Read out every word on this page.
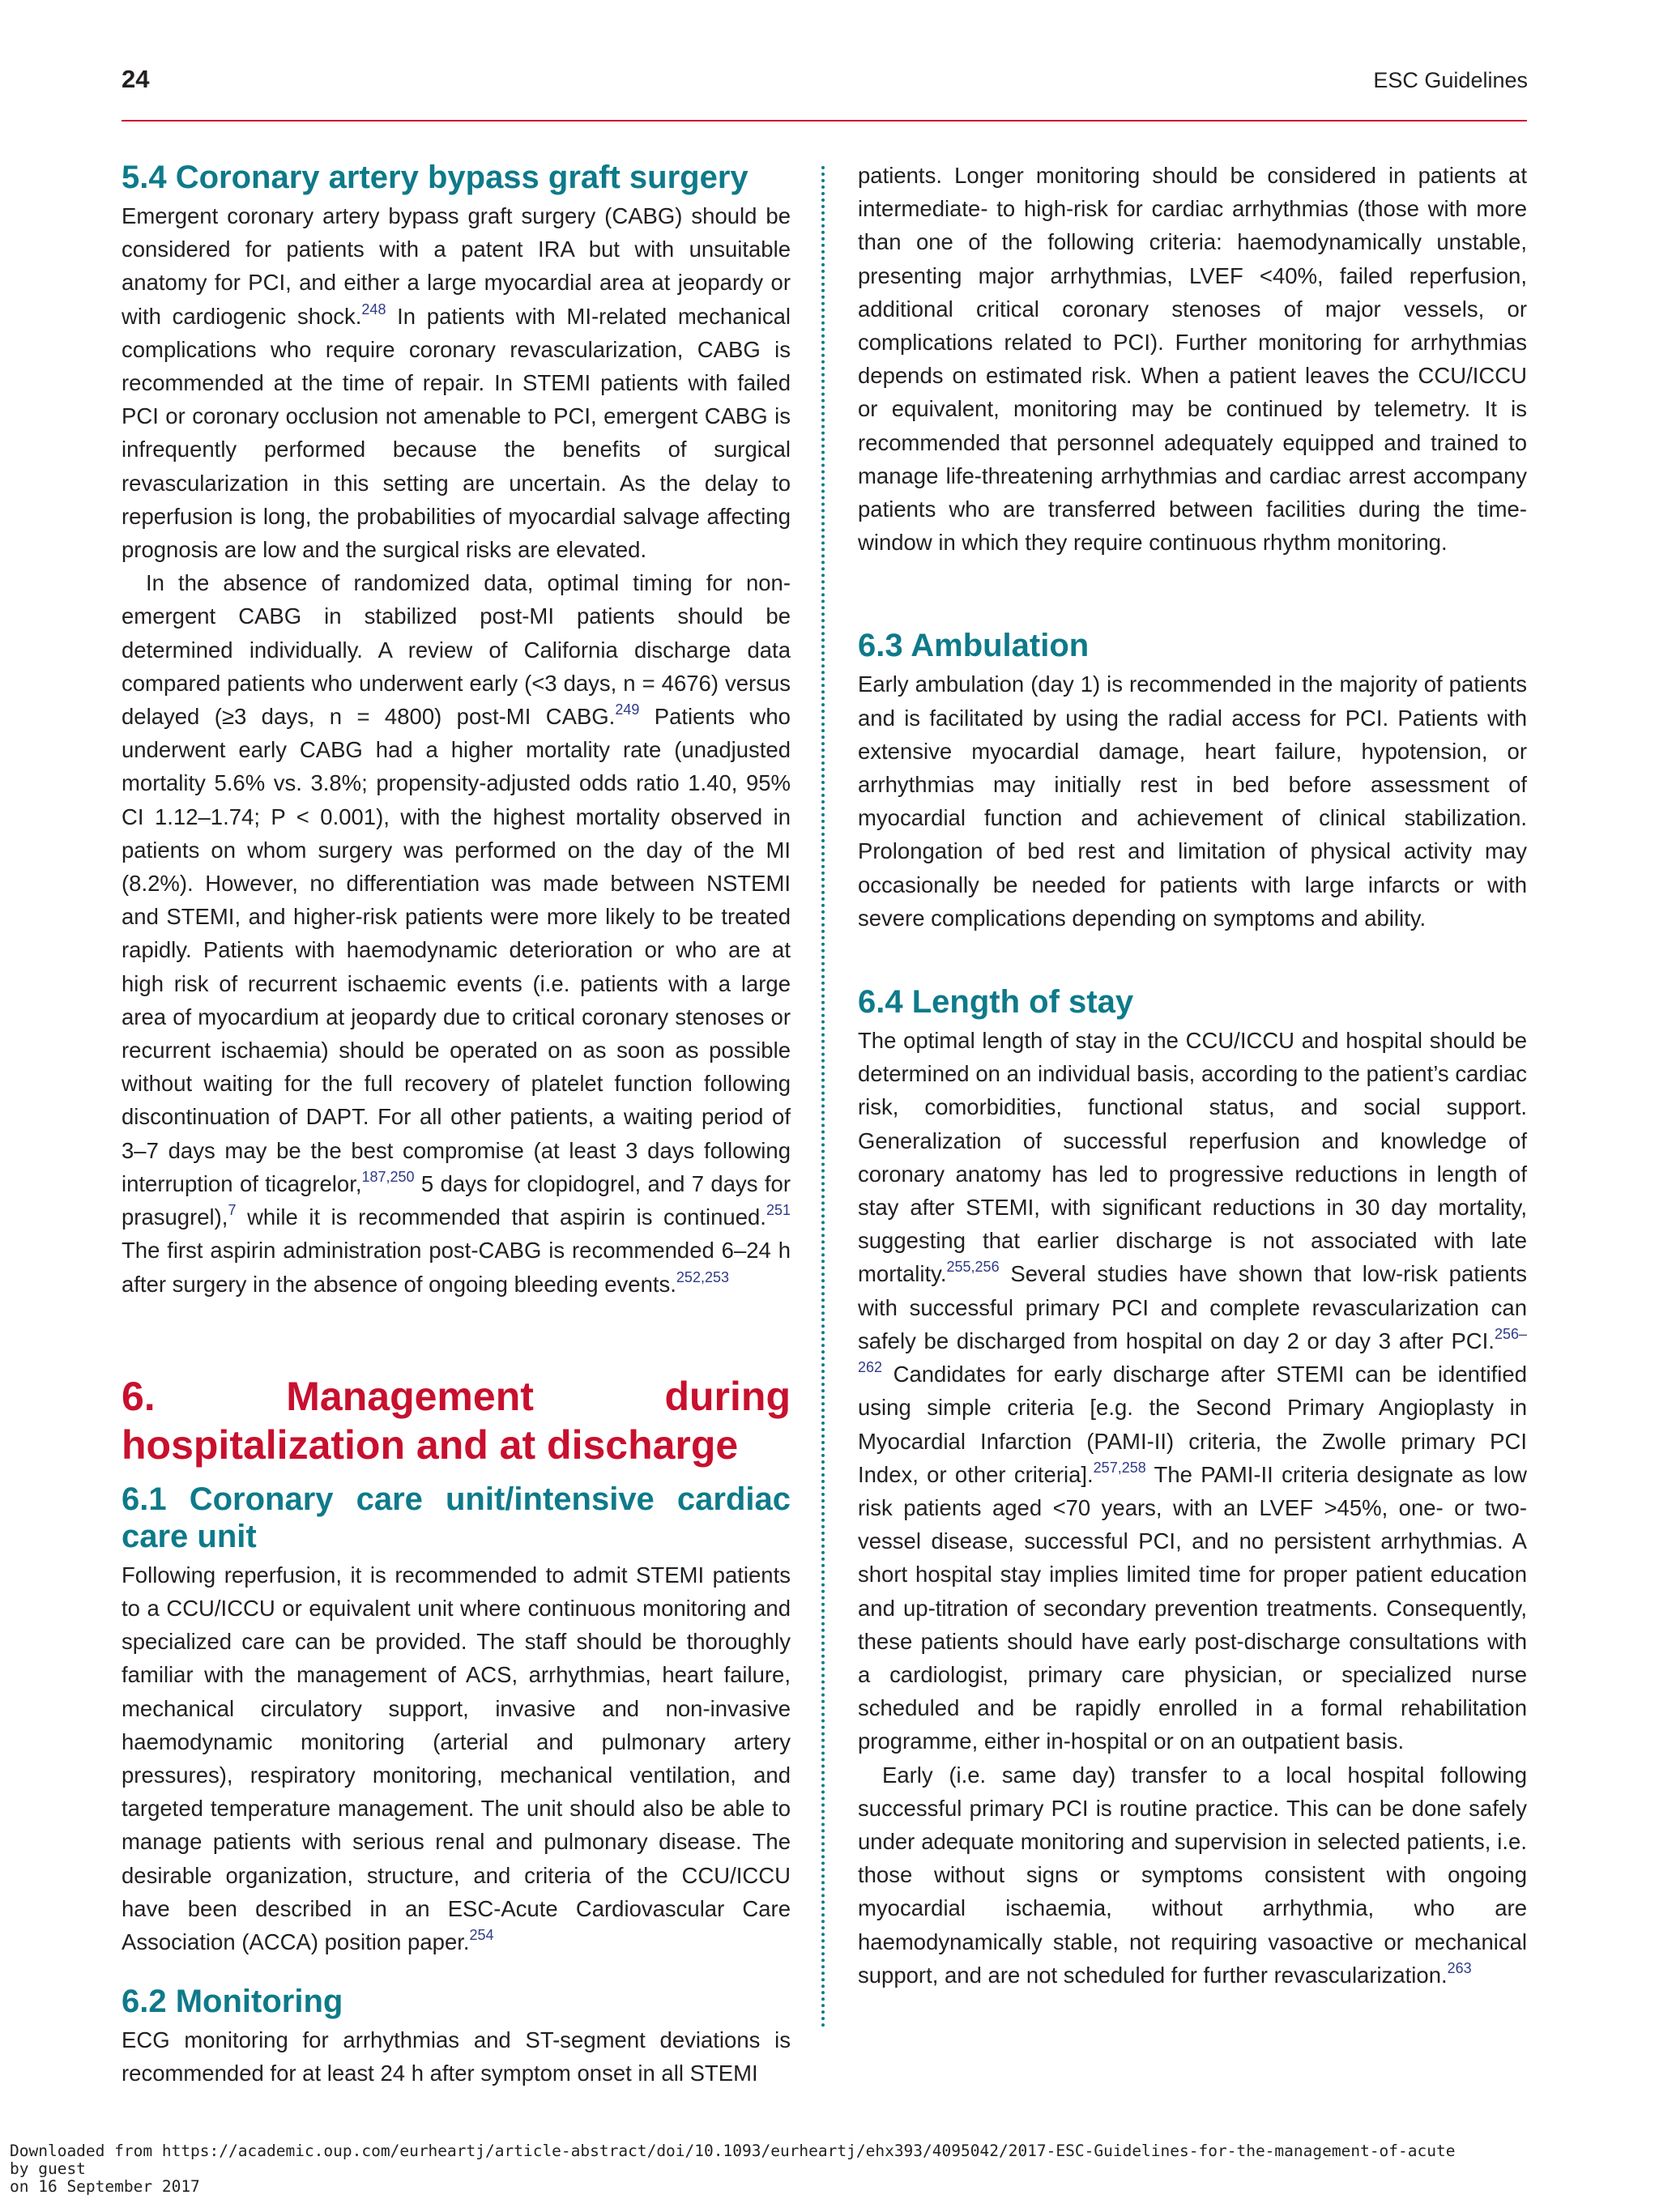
24	ESC Guidelines
5.4 Coronary artery bypass graft surgery

Emergent coronary artery bypass graft surgery (CABG) should be considered for patients with a patent IRA but with unsuitable anatomy for PCI, and either a large myocardial area at jeopardy or with cardiogenic shock.$^{248}$ In patients with MI-related mechanical complications who require coronary revascularization, CABG is recommended at the time of repair. In STEMI patients with failed PCI or coronary occlusion not amenable to PCI, emergent CABG is infrequently performed because the benefits of surgical revascularization in this setting are uncertain. As the delay to reperfusion is long, the probabilities of myocardial salvage affecting prognosis are low and the surgical risks are elevated.

In the absence of randomized data, optimal timing for non-emergent CABG in stabilized post-MI patients should be determined individually. A review of California discharge data compared patients who underwent early (<3 days, n = 4676) versus delayed (≥3 days, n = 4800) post-MI CABG.$^{249}$ Patients who underwent early CABG had a higher mortality rate (unadjusted mortality 5.6% vs. 3.8%; propensity-adjusted odds ratio 1.40, 95% CI 1.12–1.74; P < 0.001), with the highest mortality observed in patients on whom surgery was performed on the day of the MI (8.2%). However, no differentiation was made between NSTEMI and STEMI, and higher-risk patients were more likely to be treated rapidly. Patients with haemodynamic deterioration or who are at high risk of recurrent ischaemic events (i.e. patients with a large area of myocardium at jeopardy due to critical coronary stenoses or recurrent ischaemia) should be operated on as soon as possible without waiting for the full recovery of platelet function following discontinuation of DAPT. For all other patients, a waiting period of 3–7 days may be the best compromise (at least 3 days following interruption of ticagrelor,$^{187,250}$ 5 days for clopidogrel, and 7 days for prasugrel),$^7$ while it is recommended that aspirin is continued.$^{251}$ The first aspirin administration post-CABG is recommended 6–24 h after surgery in the absence of ongoing bleeding events.$^{252,253}$

6. Management during hospitalization and at discharge
6.1 Coronary care unit/intensive cardiac care unit

Following reperfusion, it is recommended to admit STEMI patients to a CCU/ICCU or equivalent unit where continuous monitoring and specialized care can be provided. The staff should be thoroughly familiar with the management of ACS, arrhythmias, heart failure, mechanical circulatory support, invasive and non-invasive haemodynamic monitoring (arterial and pulmonary artery pressures), respiratory monitoring, mechanical ventilation, and targeted temperature management. The unit should also be able to manage patients with serious renal and pulmonary disease. The desirable organization, structure, and criteria of the CCU/ICCU have been described in an ESC-Acute Cardiovascular Care Association (ACCA) position paper.$^{254}$

6.2 Monitoring

ECG monitoring for arrhythmias and ST-segment deviations is recommended for at least 24 h after symptom onset in all STEMI

patients. Longer monitoring should be considered in patients at intermediate- to high-risk for cardiac arrhythmias (those with more than one of the following criteria: haemodynamically unstable, presenting major arrhythmias, LVEF <40%, failed reperfusion, additional critical coronary stenoses of major vessels, or complications related to PCI). Further monitoring for arrhythmias depends on estimated risk. When a patient leaves the CCU/ICCU or equivalent, monitoring may be continued by telemetry. It is recommended that personnel adequately equipped and trained to manage life-threatening arrhythmias and cardiac arrest accompany patients who are transferred between facilities during the time-window in which they require continuous rhythm monitoring.

6.3 Ambulation

Early ambulation (day 1) is recommended in the majority of patients and is facilitated by using the radial access for PCI. Patients with extensive myocardial damage, heart failure, hypotension, or arrhythmias may initially rest in bed before assessment of myocardial function and achievement of clinical stabilization. Prolongation of bed rest and limitation of physical activity may occasionally be needed for patients with large infarcts or with severe complications depending on symptoms and ability.

6.4 Length of stay

The optimal length of stay in the CCU/ICCU and hospital should be determined on an individual basis, according to the patient’s cardiac risk, comorbidities, functional status, and social support. Generalization of successful reperfusion and knowledge of coronary anatomy has led to progressive reductions in length of stay after STEMI, with significant reductions in 30 day mortality, suggesting that earlier discharge is not associated with late mortality.$^{255,256}$ Several studies have shown that low-risk patients with successful primary PCI and complete revascularization can safely be discharged from hospital on day 2 or day 3 after PCI.$^{256-262}$ Candidates for early discharge after STEMI can be identified using simple criteria [e.g. the Second Primary Angioplasty in Myocardial Infarction (PAMI-II) criteria, the Zwolle primary PCI Index, or other criteria].$^{257,258}$ The PAMI-II criteria designate as low risk patients aged <70 years, with an LVEF >45%, one- or two-vessel disease, successful PCI, and no persistent arrhythmias. A short hospital stay implies limited time for proper patient education and up-titration of secondary prevention treatments. Consequently, these patients should have early post-discharge consultations with a cardiologist, primary care physician, or specialized nurse scheduled and be rapidly enrolled in a formal rehabilitation programme, either in-hospital or on an outpatient basis.

Early (i.e. same day) transfer to a local hospital following successful primary PCI is routine practice. This can be done safely under adequate monitoring and supervision in selected patients, i.e. those without signs or symptoms consistent with ongoing myocardial ischaemia, without arrhythmia, who are haemodynamically stable, not requiring vasoactive or mechanical support, and are not scheduled for further revascularization.$^{263}$

Downloaded from https://academic.oup.com/eurheartj/article-abstract/doi/10.1093/eurheartj/ehx393/4095042/2017-ESC-Guidelines-for-the-management-of-acute
by guest
on 16 September 2017
